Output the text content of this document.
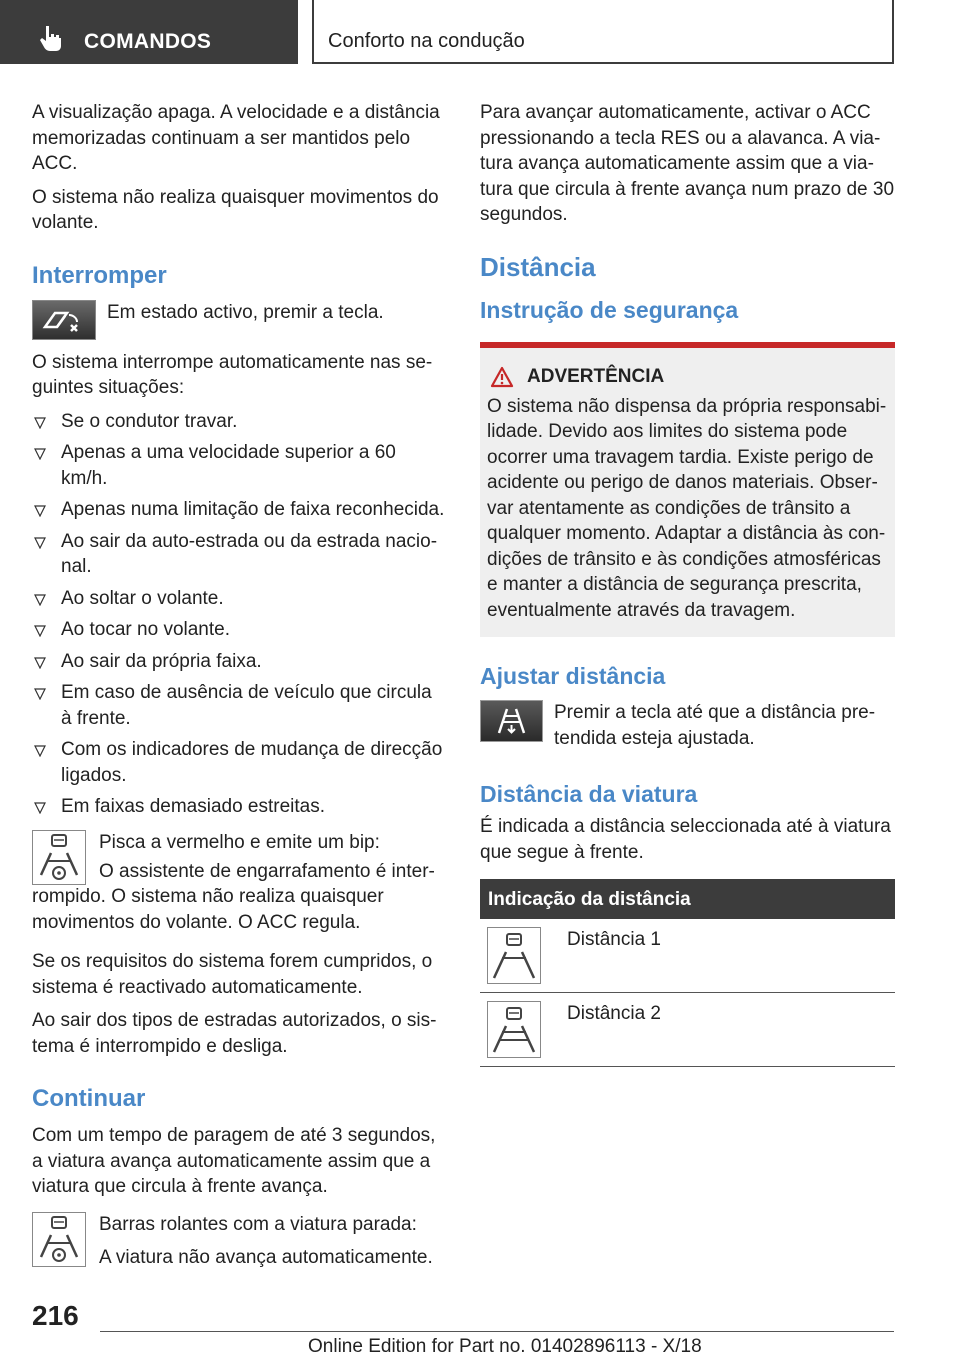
COMANDOS	Conforto na condução

A visualização apaga. A velocidade e a distância memorizadas continuam a ser mantidos pelo ACC.

O sistema não realiza quaisquer movimentos do volante.

Interromper
Em estado activo, premir a tecla.

O sistema interrompe automaticamente nas seguintes situações:

Se o condutor travar.
Apenas a uma velocidade superior a 60 km/h.
Apenas numa limitação de faixa reconhecida.
Ao sair da auto-estrada ou da estrada nacional.
Ao soltar o volante.
Ao tocar no volante.
Ao sair da própria faixa.
Em caso de ausência de veículo que circula à frente.
Com os indicadores de mudança de direcção ligados.
Em faixas demasiado estreitas.

Pisca a vermelho e emite um bip:

O assistente de engarrafamento é interrompido. O sistema não realiza quaisquer movimentos do volante. O ACC regula.

Se os requisitos do sistema forem cumpridos, o sistema é reactivado automaticamente.

Ao sair dos tipos de estradas autorizados, o sistema é interrompido e desliga.

Continuar

Com um tempo de paragem de até 3 segundos, a viatura avança automaticamente assim que a viatura que circula à frente avança.

Barras rolantes com a viatura parada:

A viatura não avança automaticamente.

Para avançar automaticamente, activar o ACC pressionando a tecla RES ou a alavanca. A viatura avança automaticamente assim que a viatura que circula à frente avança num prazo de 30 segundos.

Distância
Instrução de segurança
ADVERTÊNCIA

O sistema não dispensa da própria responsabilidade. Devido aos limites do sistema pode ocorrer uma travagem tardia. Existe perigo de acidente ou perigo de danos materiais. Observar atentamente as condições de trânsito a qualquer momento. Adaptar a distância às condições de trânsito e às condições atmosféricas e manter a distância de segurança prescrita, eventualmente através da travagem.

Ajustar distância
Premir a tecla até que a distância pretendida esteja ajustada.
Distância da viatura

É indicada a distância seleccionada até à viatura que segue à frente.

Indicação da distância
Distância 1
Distância 2
216
Online Edition for Part no. 01402896113 - X/18
